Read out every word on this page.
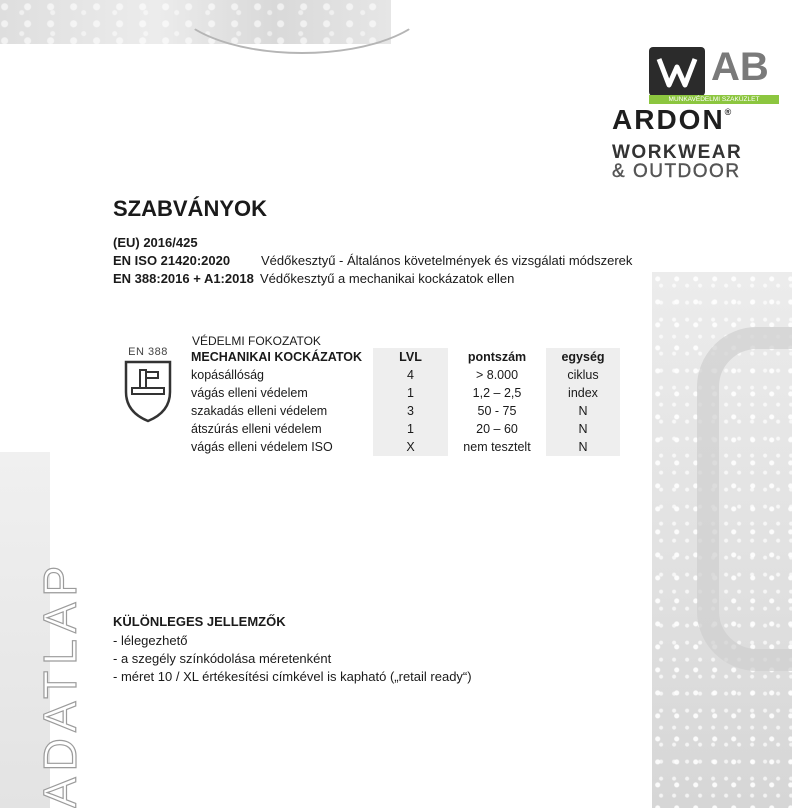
ADATLAP
AB
MUNKAVÉDELMI SZAKÜZLET
ARDON®
WORKWEAR
& OUTDOOR
SZABVÁNYOK
(EU) 2016/425
EN ISO 21420:2020 Védőkesztyű - Általános követelmények és vizsgálati módszerek
EN 388:2016 + A1:2018 Védőkesztyű a mechanikai kockázatok ellen
EN 388
VÉDELMI FOKOZATOK
MECHANIKAI KOCKÁZATOK	LVL	pontszám	egység
kopásállóság	4	> 8.000	ciklus
vágás elleni védelem	1	1,2 – 2,5	index
szakadás elleni védelem	3	50 - 75	N
átszúrás elleni védelem	1	20 – 60	N
vágás elleni védelem ISO	X	nem tesztelt	N
KÜLÖNLEGES JELLEMZŐK
- lélegezhető
- a szegély színkódolása méretenként
- méret 10 / XL értékesítési címkével is kapható („retail ready“)
